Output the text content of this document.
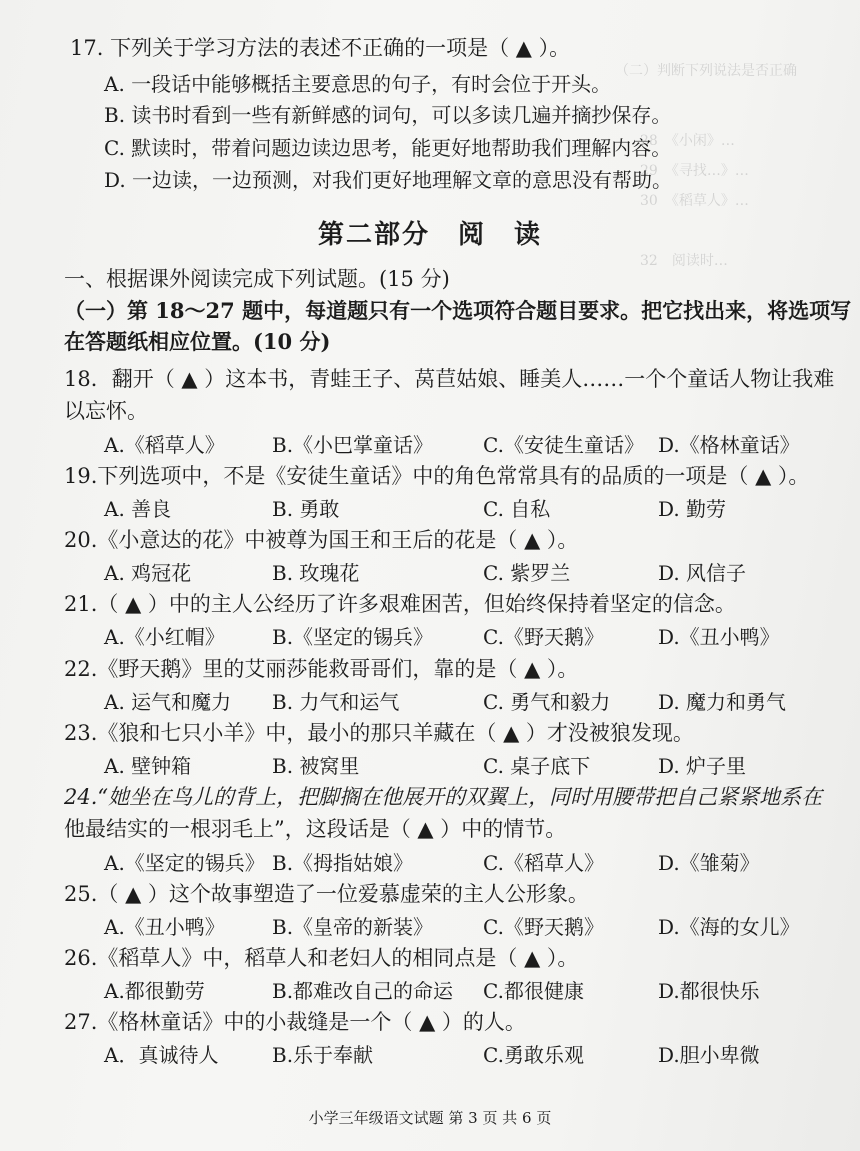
（二）判断下列说法是否正确
28　《小闲》…
29　《寻找…》…
30　《稻草人》…
32　阅读时…
17. 下列关于学习方法的表述不正确的一项是（ ▲ ）。
A. 一段话中能够概括主要意思的句子，有时会位于开头。
B. 读书时看到一些有新鲜感的词句，可以多读几遍并摘抄保存。
C. 默读时，带着问题边读边思考，能更好地帮助我们理解内容。
D. 一边读，一边预测，对我们更好地理解文章的意思没有帮助。
第二部分　阅　读
一、根据课外阅读完成下列试题。(15 分)
（一）第 18～27 题中，每道题只有一个选项符合题目要求。把它找出来，将选项写
在答题纸相应位置。(10 分)
18．翻开（ ▲ ）这本书，青蛙王子、莴苣姑娘、睡美人……一个个童话人物让我难
以忘怀。
A.《稻草人》 B.《小巴掌童话》 C.《安徒生童话》 D.《格林童话》
19.下列选项中，不是《安徒生童话》中的角色常常具有的品质的一项是（ ▲ ）。
A. 善良	B. 勇敢	C. 自私	D. 勤劳
20.《小意达的花》中被尊为国王和王后的花是（ ▲ ）。
A. 鸡冠花	B. 玫瑰花	C. 紫罗兰	D. 风信子
21.（ ▲ ）中的主人公经历了许多艰难困苦，但始终保持着坚定的信念。
A.《小红帽》 B.《坚定的锡兵》 C.《野天鹅》	D.《丑小鸭》
22.《野天鹅》里的艾丽莎能救哥哥们，靠的是（ ▲ ）。
A. 运气和魔力 B. 力气和运气	C. 勇气和毅力 D. 魔力和勇气
23.《狼和七只小羊》中，最小的那只羊藏在（ ▲ ）才没被狼发现。
A. 壁钟箱	B. 被窝里	C. 桌子底下	D. 炉子里
24.“她坐在鸟儿的背上，把脚搁在他展开的双翼上，同时用腰带把自己紧紧地系在
他最结实的一根羽毛上”，这段话是（ ▲ ）中的情节。
A.《坚定的锡兵》 B.《拇指姑娘》	C.《稻草人》	D.《雏菊》
25.（ ▲ ）这个故事塑造了一位爱慕虚荣的主人公形象。
A.《丑小鸭》 B.《皇帝的新装》 C.《野天鹅》	D.《海的女儿》
26.《稻草人》中，稻草人和老妇人的相同点是（ ▲ ）。
A.都很勤劳	B.都难改自己的命运 C.都很健康	D.都很快乐
27.《格林童话》中的小裁缝是一个（ ▲ ）的人。
A．真诚待人	B.乐于奉献	C.勇敢乐观	D.胆小卑微
小学三年级语文试题 第 3 页 共 6 页
